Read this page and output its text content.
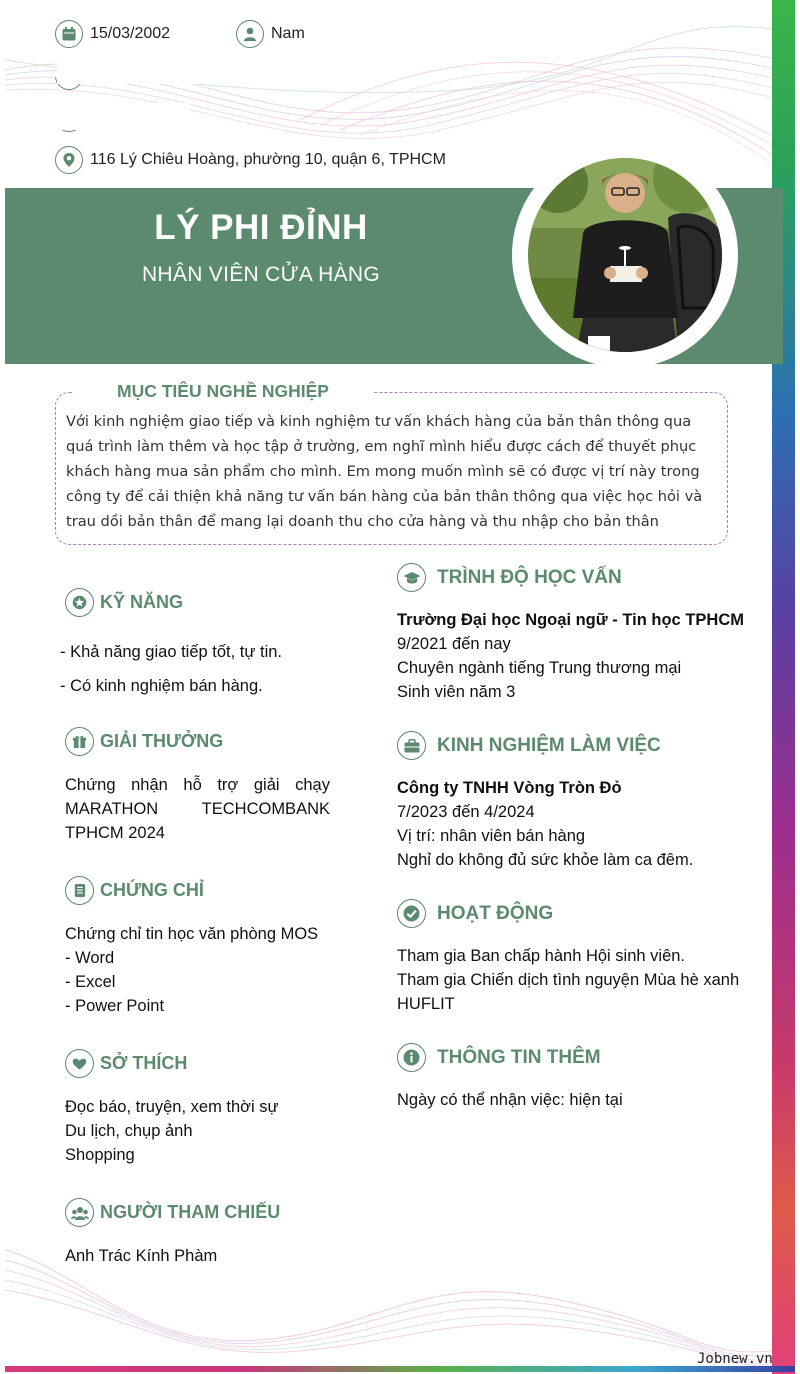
15/03/2002	Nam
116 Lý Chiêu Hoàng, phường 10, quận 6, TPHCM
LÝ PHI ĐỈNH
NHÂN VIÊN CỬA HÀNG
MỤC TIÊU NGHỀ NGHIỆP
Với kinh nghiệm giao tiếp và kinh nghiệm tư vấn khách hàng của bản thân thông qua quá trình làm thêm và học tập ở trường, em nghĩ mình hiểu được cách để thuyết phục khách hàng mua sản phẩm cho mình. Em mong muốn mình sẽ có được vị trí này trong công ty để cải thiện khả năng tư vấn bán hàng của bản thân thông qua việc học hỏi và trau dồi bản thân để mang lại doanh thu cho cửa hàng và thu nhập cho bản thân
KỸ NĂNG
- Khả năng giao tiếp tốt, tự tin.
- Có kinh nghiệm bán hàng.
GIẢI THƯỞNG
Chứng nhận hỗ trợ giải chạy MARATHON TECHCOMBANK TPHCM 2024
CHỨNG CHỈ
Chứng chỉ tin học văn phòng MOS
- Word
- Excel
- Power Point
SỞ THÍCH
Đọc báo, truyện, xem thời sự
Du lịch, chụp ảnh
Shopping
NGƯỜI THAM CHIẾU
Anh Trác Kính Phàm
TRÌNH ĐỘ HỌC VẤN
Trường Đại học Ngoại ngữ - Tin học TPHCM
9/2021 đến nay
Chuyên ngành tiếng Trung thương mại
Sinh viên năm 3
KINH NGHIỆM LÀM VIỆC
Công ty TNHH Vòng Tròn Đỏ
7/2023 đến 4/2024
Vị trí: nhân viên bán hàng
Nghỉ do không đủ sức khỏe làm ca đêm.
HOẠT ĐỘNG
Tham gia Ban chấp hành Hội sinh viên.
Tham gia Chiến dịch tình nguyện Mùa hè xanh HUFLIT
THÔNG TIN THÊM
Ngày có thể nhận việc: hiện tại
Jobnew.vn
